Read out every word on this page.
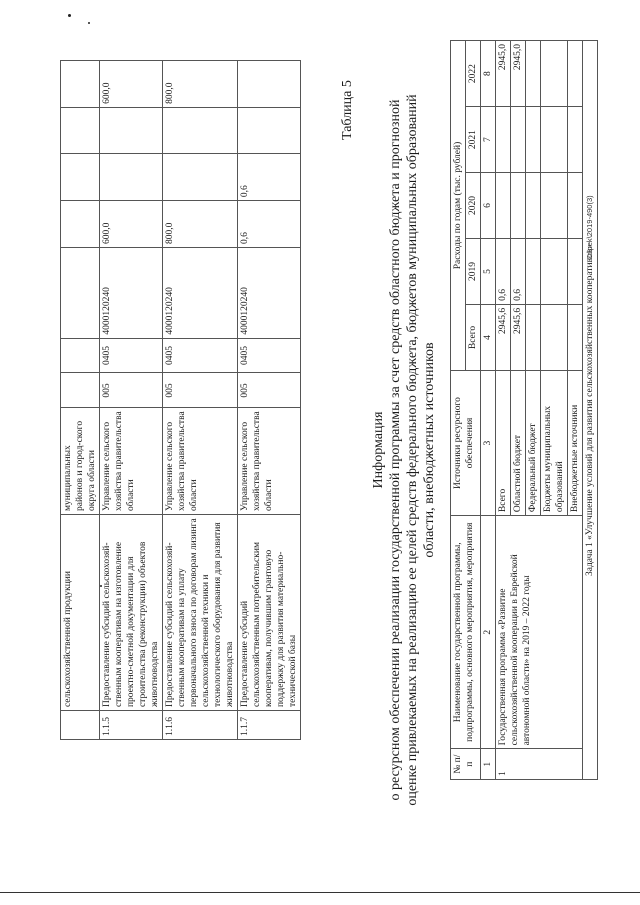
	сельскохозяйственной продукции	муниципальных районов и город-ского округа области							
1.1.5	Предоставление субсидий сельскохозяй-ственным кооперативам на изготовление проектно-сметной документации для строительства (реконструкции) объектов животноводства	Управление сельского хозяйства правительства области	005	0405	4000120240	600,0			600,0
1.1.6	Предоставление субсидий сельскохозяй-ственным кооперативам на уплату первоначального взноса по договорам лизинга сельскохозяйственной техники и технологического оборудования для развития животноводства	Управление сельского хозяйства правительства области	005	0405	4000120240	800,0			800,0
1.1.7	Предоставление субсидий сельскохозяйственным потребительским кооперативам, получившим грантовую поддержку для развития материально-технической базы	Управление сельского хозяйства правительства области	005	0405	4000120240	0,6	0,6		
Таблица 5
Информация о ресурсном обеспечении реализации государственной программы за счет средств областного бюджета и прогнозной оценке привлекаемых на реализацию ее целей средств федерального бюджета, бюджетов муниципальных образований области, внебюджетных источников
№ п/п	Наименование государственной программы, подпрограммы, основного мероприятия, мероприятия	Источники ресурсного обеспечения	Расходы по годам (тыс. рублей)				
			Всего	2019	2020	2021	2022
1	2	3	4	5	6	7	8
1	Государственная программа «Развитие сельскохозяйственной кооперации в Еврейской автономной области» на 2019 – 2022 годы	Всего	2945,6	0,6			2945,0
		Областной бюджет	2945,6	0,6			2945,0
		Федеральный бюджет					
		Бюджеты муниципальных образований					
		Внебюджетные источники					
Задача 1 «Улучшение условий для развития сельскохозяйственных кооперативов»							
C:\pek\2019-490(3)
